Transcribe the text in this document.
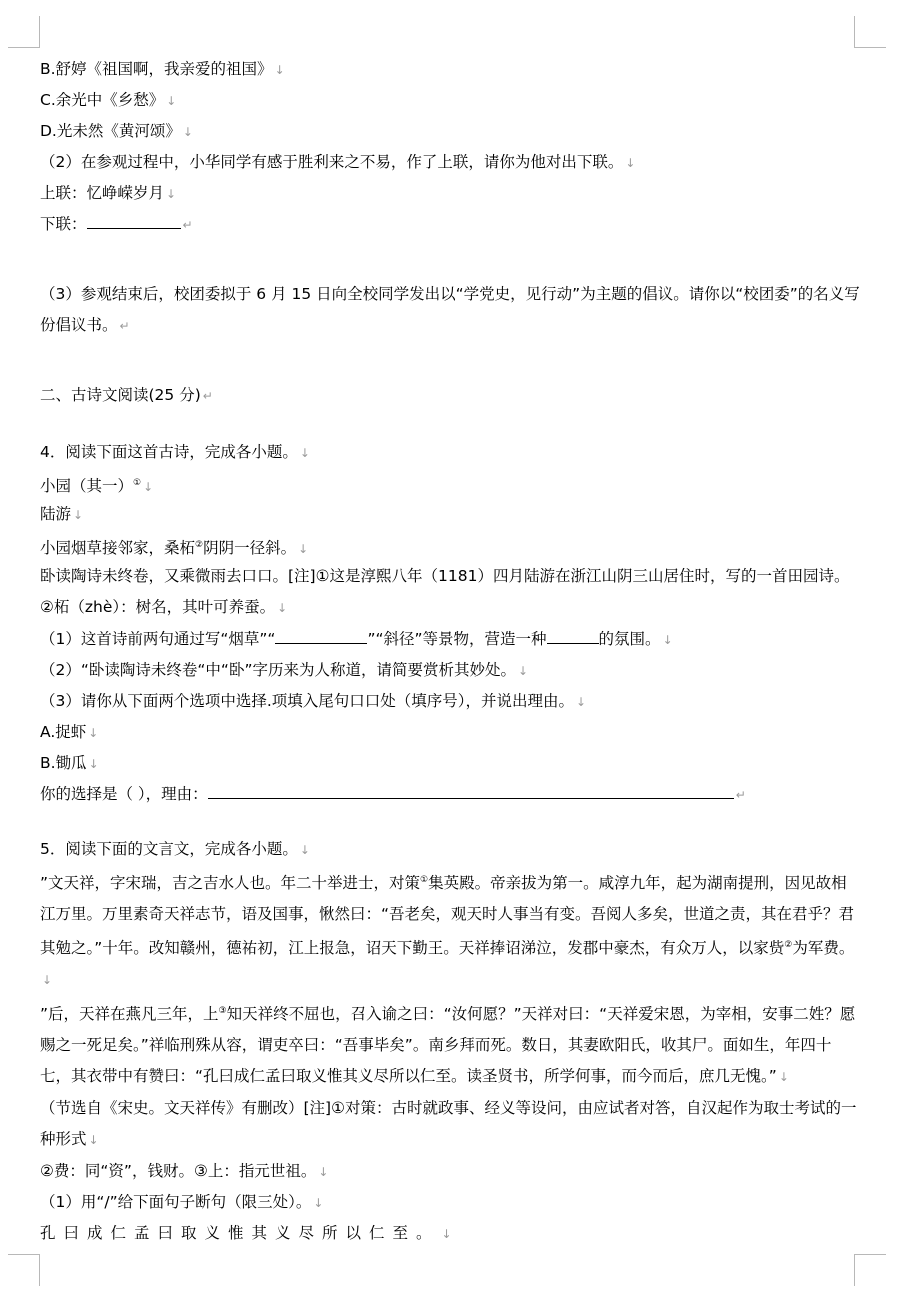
B.舒婷《祖国啊，我亲爱的祖国》 ↓
C.余光中《乡愁》 ↓
D.光未然《黄河颂》 ↓
（2）在参观过程中，小华同学有感于胜利来之不易，作了上联，请你为他对出下联。 ↓
上联：忆峥嵘岁月 ↓
下联：	↵
（3）参观结束后，校团委拟于 6 月 15 日向全校同学发出以“学党史，见行动”为主题的倡议。请你以“校团委”的名义写份倡议书。 ↵
二、古诗文阅读(25 分) ↵
4．阅读下面这首古诗，完成各小题。 ↓
小园（其一）① ↓
陆游 ↓
小园烟草接邻家，桑柘②阴阴一径斜。 ↓
卧读陶诗未终卷，又乘微雨去口口。[注]①这是淳熙八年（1181）四月陆游在浙江山阴三山居住时，写的一首田园诗。②柘（zhè）：树名，其叶可养蚕。 ↓
（1）这首诗前两句通过写“烟草”“	”“斜径”等景物，营造一种	的氛围。 ↓
（2）“卧读陶诗未终卷“中“卧”字历来为人称道，请简要赏析其妙处。 ↓
（3）请你从下面两个选项中选择.项填入尾句口口处（填序号），并说出理由。 ↓
A.捉虾 ↓
B.锄瓜 ↓
你的选择是（ ），理由：	↵
5．阅读下面的文言文，完成各小题。 ↓
”文天祥，字宋瑞，吉之吉水人也。年二十举进士，对策①集英殿。帝亲拔为第一。咸淳九年，起为湖南提刑，因见故相江万里。万里素奇天祥志节，语及国事，愀然曰：“吾老矣，观天时人事当有变。吾阅人多矣，世道之责，其在君乎？君其勉之。”十年。改知赣州，德祐初，江上报急，诏天下勤王。天祥捧诏涕泣，发郡中豪杰，有众万人，以家赀②为军费。↓
”后，天祥在燕凡三年，上③知天祥终不屈也，召入谕之曰：“汝何愿？”天祥对曰：“天祥爱宋恩，为宰相，安事二姓？愿赐之一死足矣。”祥临刑殊从容，谓吏卒曰：“吾事毕矣”。南乡拜而死。数日，其妻欧阳氏，收其尸。面如生，年四十七，其衣带中有赞曰：“孔曰成仁孟曰取义惟其义尽所以仁至。读圣贤书，所学何事，而今而后，庶几无愧。” ↓
（节选自《宋史。文天祥传》有删改）[注]①对策：古时就政事、经义等设问，由应试者对答，自汉起作为取士考试的一种形式 ↓
②费：同“资”，钱财。③上：指元世祖。 ↓
（1）用“/”给下面句子断句（限三处）。 ↓
孔曰成仁孟曰取义惟其义尽所以仁至。 ↓
